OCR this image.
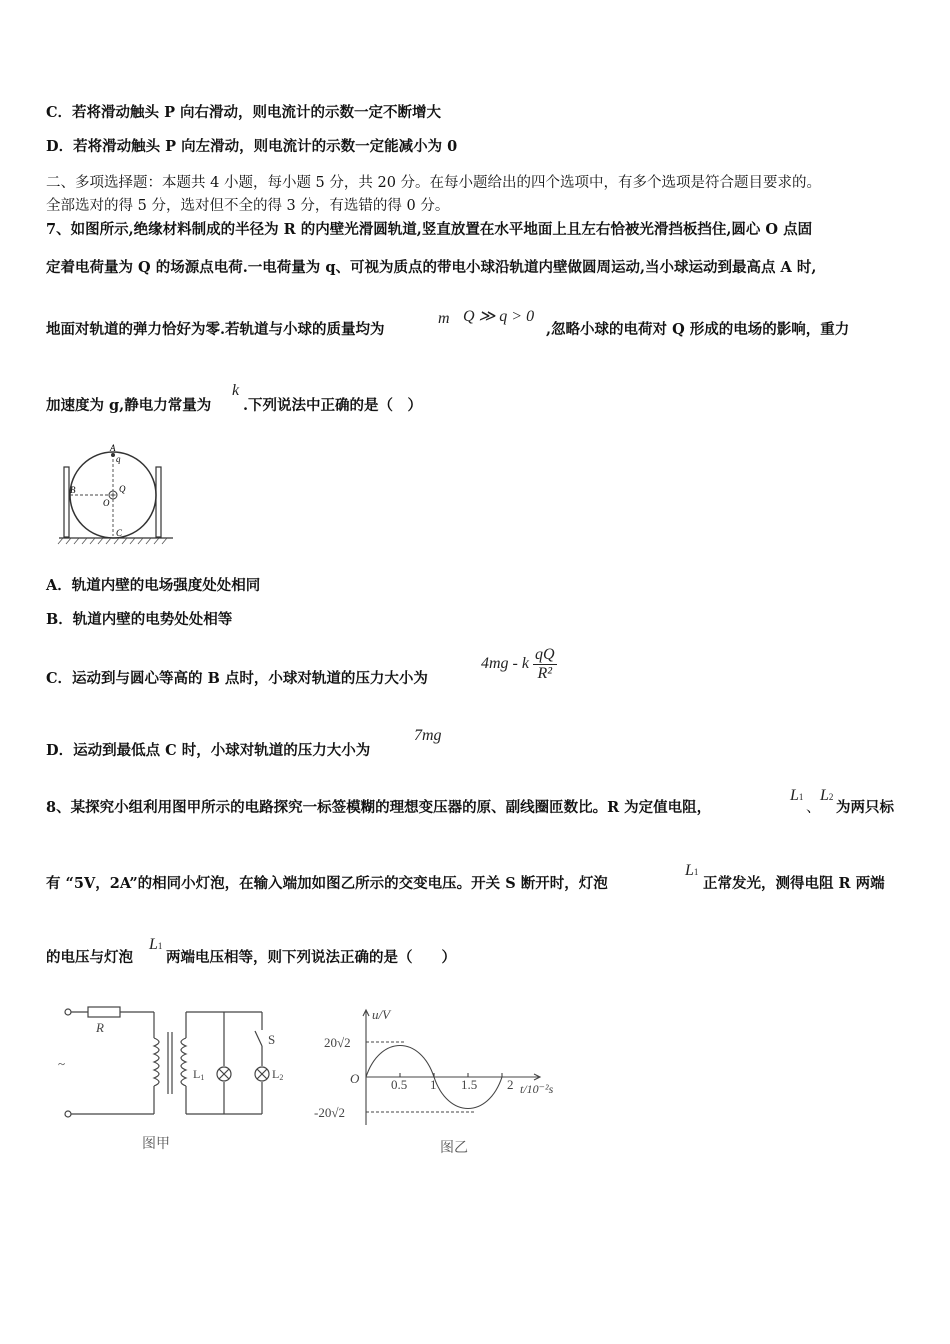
C．若将滑动触头 P 向右滑动，则电流计的示数一定不断增大
D．若将滑动触头 P 向左滑动，则电流计的示数一定能减小为 0
二、多项选择题：本题共 4 小题，每小题 5 分，共 20 分。在每小题给出的四个选项中，有多个选项是符合题目要求的。
全部选对的得 5 分，选对但不全的得 3 分，有选错的得 0 分。
7、如图所示,绝缘材料制成的半径为 R 的内壁光滑圆轨道,竖直放置在水平地面上且左右恰被光滑挡板挡住,圆心 O 点固
定着电荷量为 Q 的场源点电荷.一电荷量为 q、可视为质点的带电小球沿轨道内壁做圆周运动,当小球运动到最高点 A 时,
地面对轨道的弹力恰好为零.若轨道与小球的质量均为
m Q ≫ q > 0
,忽略小球的电荷对 Q 形成的电场的影响，重力
加速度为 g,静电力常量为
k
.下列说法中正确的是（　）
A
q
B	Q
O
C
A．轨道内壁的电场强度处处相同
B．轨道内壁的电势处处相等
C．运动到与圆心等高的 B 点时，小球对轨道的压力大小为
4mg - k $\frac{qQ}{\text{R²}}$
D．运动到最低点 C 时，小球对轨道的压力大小为
7mg
8、某探究小组利用图甲所示的电路探究一标签模糊的理想变压器的原、副线圈匝数比。R 为定值电阻，
L1
、
L2
为两只标
有 “5V，2A”的相同小灯泡，在输入端加如图乙所示的交变电压。开关 S 断开时，灯泡
L1
正常发光，测得电阻 R 两端
的电压与灯泡
L1
两端电压相等，则下列说法正确的是（　　）
R
~
S
L1	L2
图甲
u/V
20√2
-20√2
O 0.5 1 1.5 2 t/10⁻²s
图乙
